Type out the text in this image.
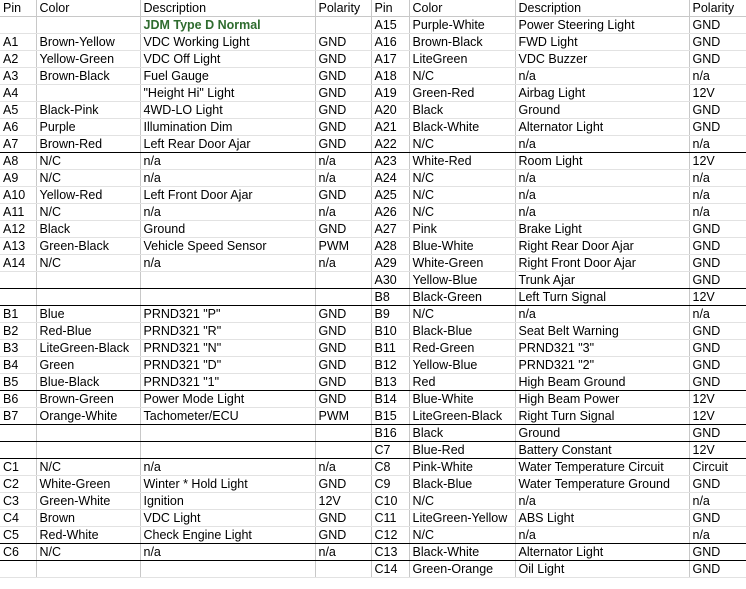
Pin	Color	Description	Polarity	Pin	Color	Description	Polarity
		JDM Type D Normal		A15	Purple-White	Power Steering Light	GND
A1	Brown-Yellow	VDC Working Light	GND	A16	Brown-Black	FWD Light	GND
A2	Yellow-Green	VDC Off Light	GND	A17	LiteGreen	VDC Buzzer	GND
A3	Brown-Black	Fuel Gauge	GND	A18	N/C	n/a	n/a
A4		"Height Hi" Light	GND	A19	Green-Red	Airbag Light	12V
A5	Black-Pink	4WD-LO Light	GND	A20	Black	Ground	GND
A6	Purple	Illumination Dim	GND	A21	Black-White	Alternator Light	GND
A7	Brown-Red	Left Rear Door Ajar	GND	A22	N/C	n/a	n/a
A8	N/C	n/a	n/a	A23	White-Red	Room Light	12V
A9	N/C	n/a	n/a	A24	N/C	n/a	n/a
A10	Yellow-Red	Left Front Door Ajar	GND	A25	N/C	n/a	n/a
A11	N/C	n/a	n/a	A26	N/C	n/a	n/a
A12	Black	Ground	GND	A27	Pink	Brake Light	GND
A13	Green-Black	Vehicle Speed Sensor	PWM	A28	Blue-White	Right Rear Door Ajar	GND
A14	N/C	n/a	n/a	A29	White-Green	Right Front Door Ajar	GND
				A30	Yellow-Blue	Trunk Ajar	GND
				B8	Black-Green	Left Turn Signal	12V
B1	Blue	PRND321 "P"	GND	B9	N/C	n/a	n/a
B2	Red-Blue	PRND321 "R"	GND	B10	Black-Blue	Seat Belt Warning	GND
B3	LiteGreen-Black	PRND321 "N"	GND	B11	Red-Green	PRND321 "3"	GND
B4	Green	PRND321 "D"	GND	B12	Yellow-Blue	PRND321 "2"	GND
B5	Blue-Black	PRND321 "1"	GND	B13	Red	High Beam Ground	GND
B6	Brown-Green	Power Mode Light	GND	B14	Blue-White	High Beam Power	12V
B7	Orange-White	Tachometer/ECU	PWM	B15	LiteGreen-Black	Right Turn Signal	12V
				B16	Black	Ground	GND
				C7	Blue-Red	Battery Constant	12V
C1	N/C	n/a	n/a	C8	Pink-White	Water Temperature Circuit	Circuit
C2	White-Green	Winter * Hold Light	GND	C9	Black-Blue	Water Temperature Ground	GND
C3	Green-White	Ignition	12V	C10	N/C	n/a	n/a
C4	Brown	VDC Light	GND	C11	LiteGreen-Yellow	ABS Light	GND
C5	Red-White	Check Engine Light	GND	C12	N/C	n/a	n/a
C6	N/C	n/a	n/a	C13	Black-White	Alternator Light	GND
				C14	Green-Orange	Oil Light	GND
